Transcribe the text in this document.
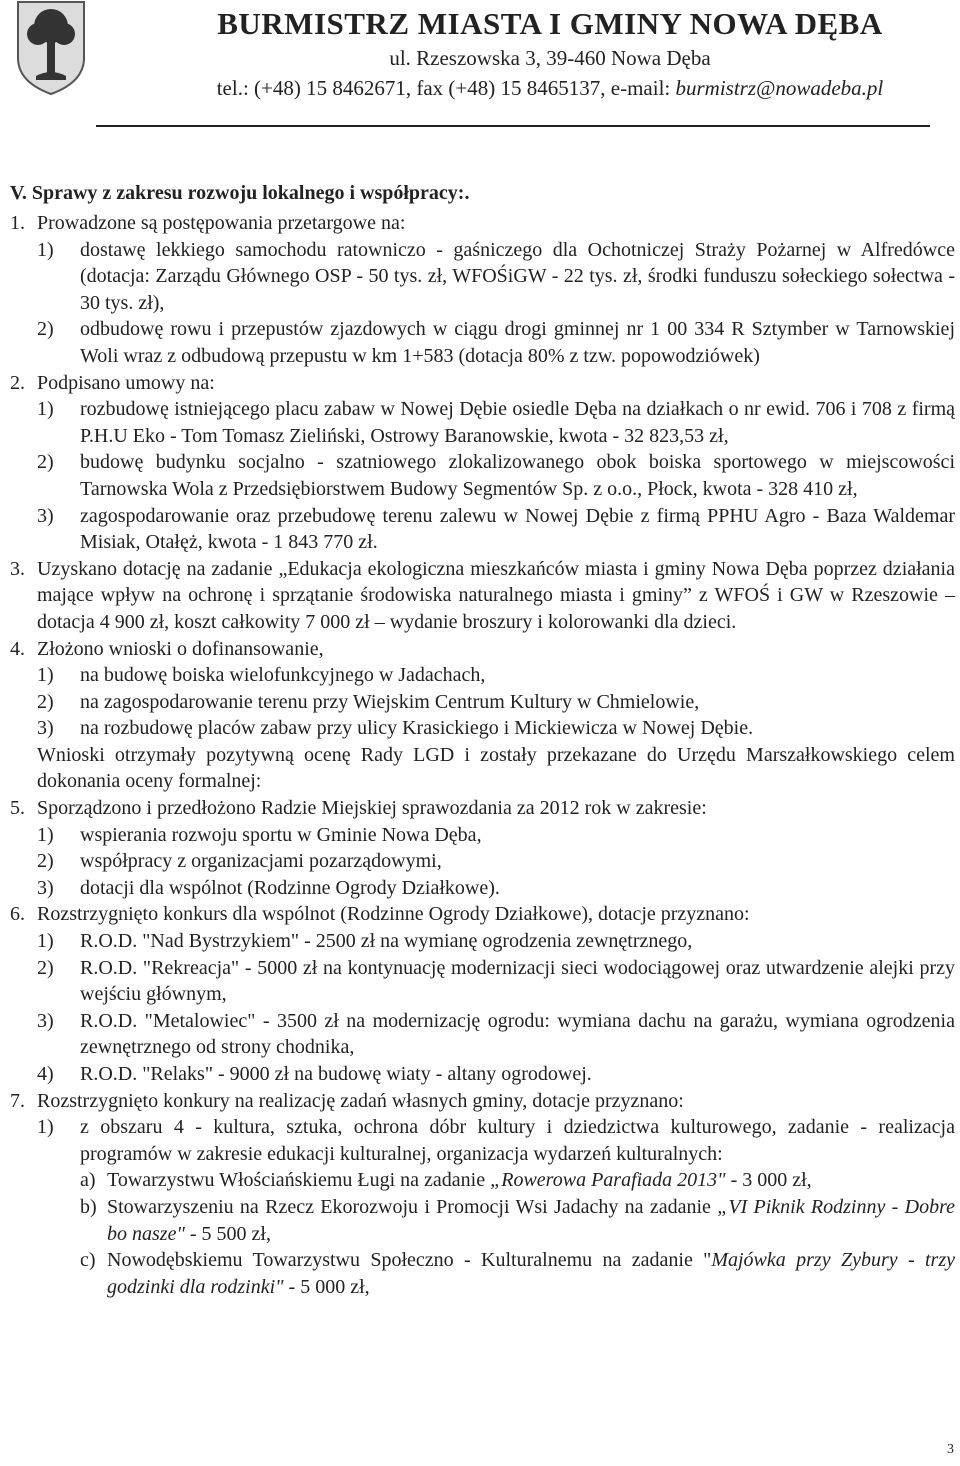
BURMISTRZ MIASTA I GMINY NOWA DĘBA
ul. Rzeszowska 3, 39-460 Nowa Dęba
tel.: (+48) 15 8462671, fax (+48) 15 8465137, e-mail: burmistrz@nowadeba.pl
V. Sprawy z zakresu rozwoju lokalnego i współpracy:.
1. Prowadzone są postępowania przetargowe na:
1) dostawę lekkiego samochodu ratowniczo - gaśniczego dla Ochotniczej Straży Pożarnej w Alfredówce (dotacja: Zarządu Głównego OSP - 50 tys. zł, WFOŚiGW - 22 tys. zł, środki funduszu sołeckiego sołectwa - 30 tys. zł),
2) odbudowę rowu i przepustów zjazdowych w ciągu drogi gminnej nr 1 00 334 R Sztymber w Tarnowskiej Woli wraz z odbudową przepustu w km 1+583 (dotacja 80% z tzw. popowodziówek)
2. Podpisano umowy na:
1) rozbudowę istniejącego placu zabaw w Nowej Dębie osiedle Dęba na działkach o nr ewid. 706 i 708 z firmą P.H.U Eko - Tom Tomasz Zieliński, Ostrowy Baranowskie, kwota - 32 823,53 zł,
2) budowę budynku socjalno - szatniowego zlokalizowanego obok boiska sportowego w miejscowości Tarnowska Wola z Przedsiębiorstwem Budowy Segmentów Sp. z o.o., Płock, kwota - 328 410 zł,
3) zagospodarowanie oraz przebudowę terenu zalewu w Nowej Dębie z firmą PPHU Agro - Baza Waldemar Misiak, Otałęż, kwota - 1 843 770 zł.
3. Uzyskano dotację na zadanie „Edukacja ekologiczna mieszkańców miasta i gminy Nowa Dęba poprzez działania mające wpływ na ochronę i sprzątanie środowiska naturalnego miasta i gminy” z WFOŚ i GW w Rzeszowie – dotacja 4 900 zł, koszt całkowity 7 000 zł – wydanie broszury i kolorowanki dla dzieci.
4. Złożono wnioski o dofinansowanie,
1) na budowę boiska wielofunkcyjnego w Jadachach,
2) na zagospodarowanie terenu przy Wiejskim Centrum Kultury w Chmielowie,
3) na rozbudowę placów zabaw przy ulicy Krasickiego i Mickiewicza w Nowej Dębie.
Wnioski otrzymały pozytywną ocenę Rady LGD i zostały przekazane do Urzędu Marszałkowskiego celem dokonania oceny formalnej:
5. Sporządzono i przedłożono Radzie Miejskiej sprawozdania za 2012 rok w zakresie:
1) wspierania rozwoju sportu w Gminie Nowa Dęba,
2) współpracy z organizacjami pozarządowymi,
3) dotacji dla wspólnot (Rodzinne Ogrody Działkowe).
6. Rozstrzygnięto konkurs dla wspólnot (Rodzinne Ogrody Działkowe), dotacje przyznano:
1) R.O.D. "Nad Bystrzykiem" - 2500 zł na wymianę ogrodzenia zewnętrznego,
2) R.O.D. "Rekreacja" - 5000 zł na kontynuację modernizacji sieci wodociągowej oraz utwardzenie alejki przy wejściu głównym,
3) R.O.D. "Metalowiec" - 3500 zł na modernizację ogrodu: wymiana dachu na garażu, wymiana ogrodzenia zewnętrznego od strony chodnika,
4) R.O.D. "Relaks" - 9000 zł na budowę wiaty - altany ogrodowej.
7. Rozstrzygnięto konkury na realizację zadań własnych gminy, dotacje przyznano:
1) z obszaru 4 - kultura, sztuka, ochrona dóbr kultury i dziedzictwa kulturowego, zadanie - realizacja programów w zakresie edukacji kulturalnej, organizacja wydarzeń kulturalnych:
a) Towarzystwu Włościańskiemu Ługi na zadanie „Rowerowa Parafiada 2013" - 3 000 zł,
b) Stowarzyszeniu na Rzecz Ekorozwoju i Promocji Wsi Jadachy na zadanie „VI Piknik Rodzinny - Dobre bo nasze" - 5 500 zł,
c) Nowodębskiemu Towarzystwu Społeczno - Kulturalnemu na zadanie "Majówka przy Zybury - trzy godzinki dla rodzinki" - 5 000 zł,
3
